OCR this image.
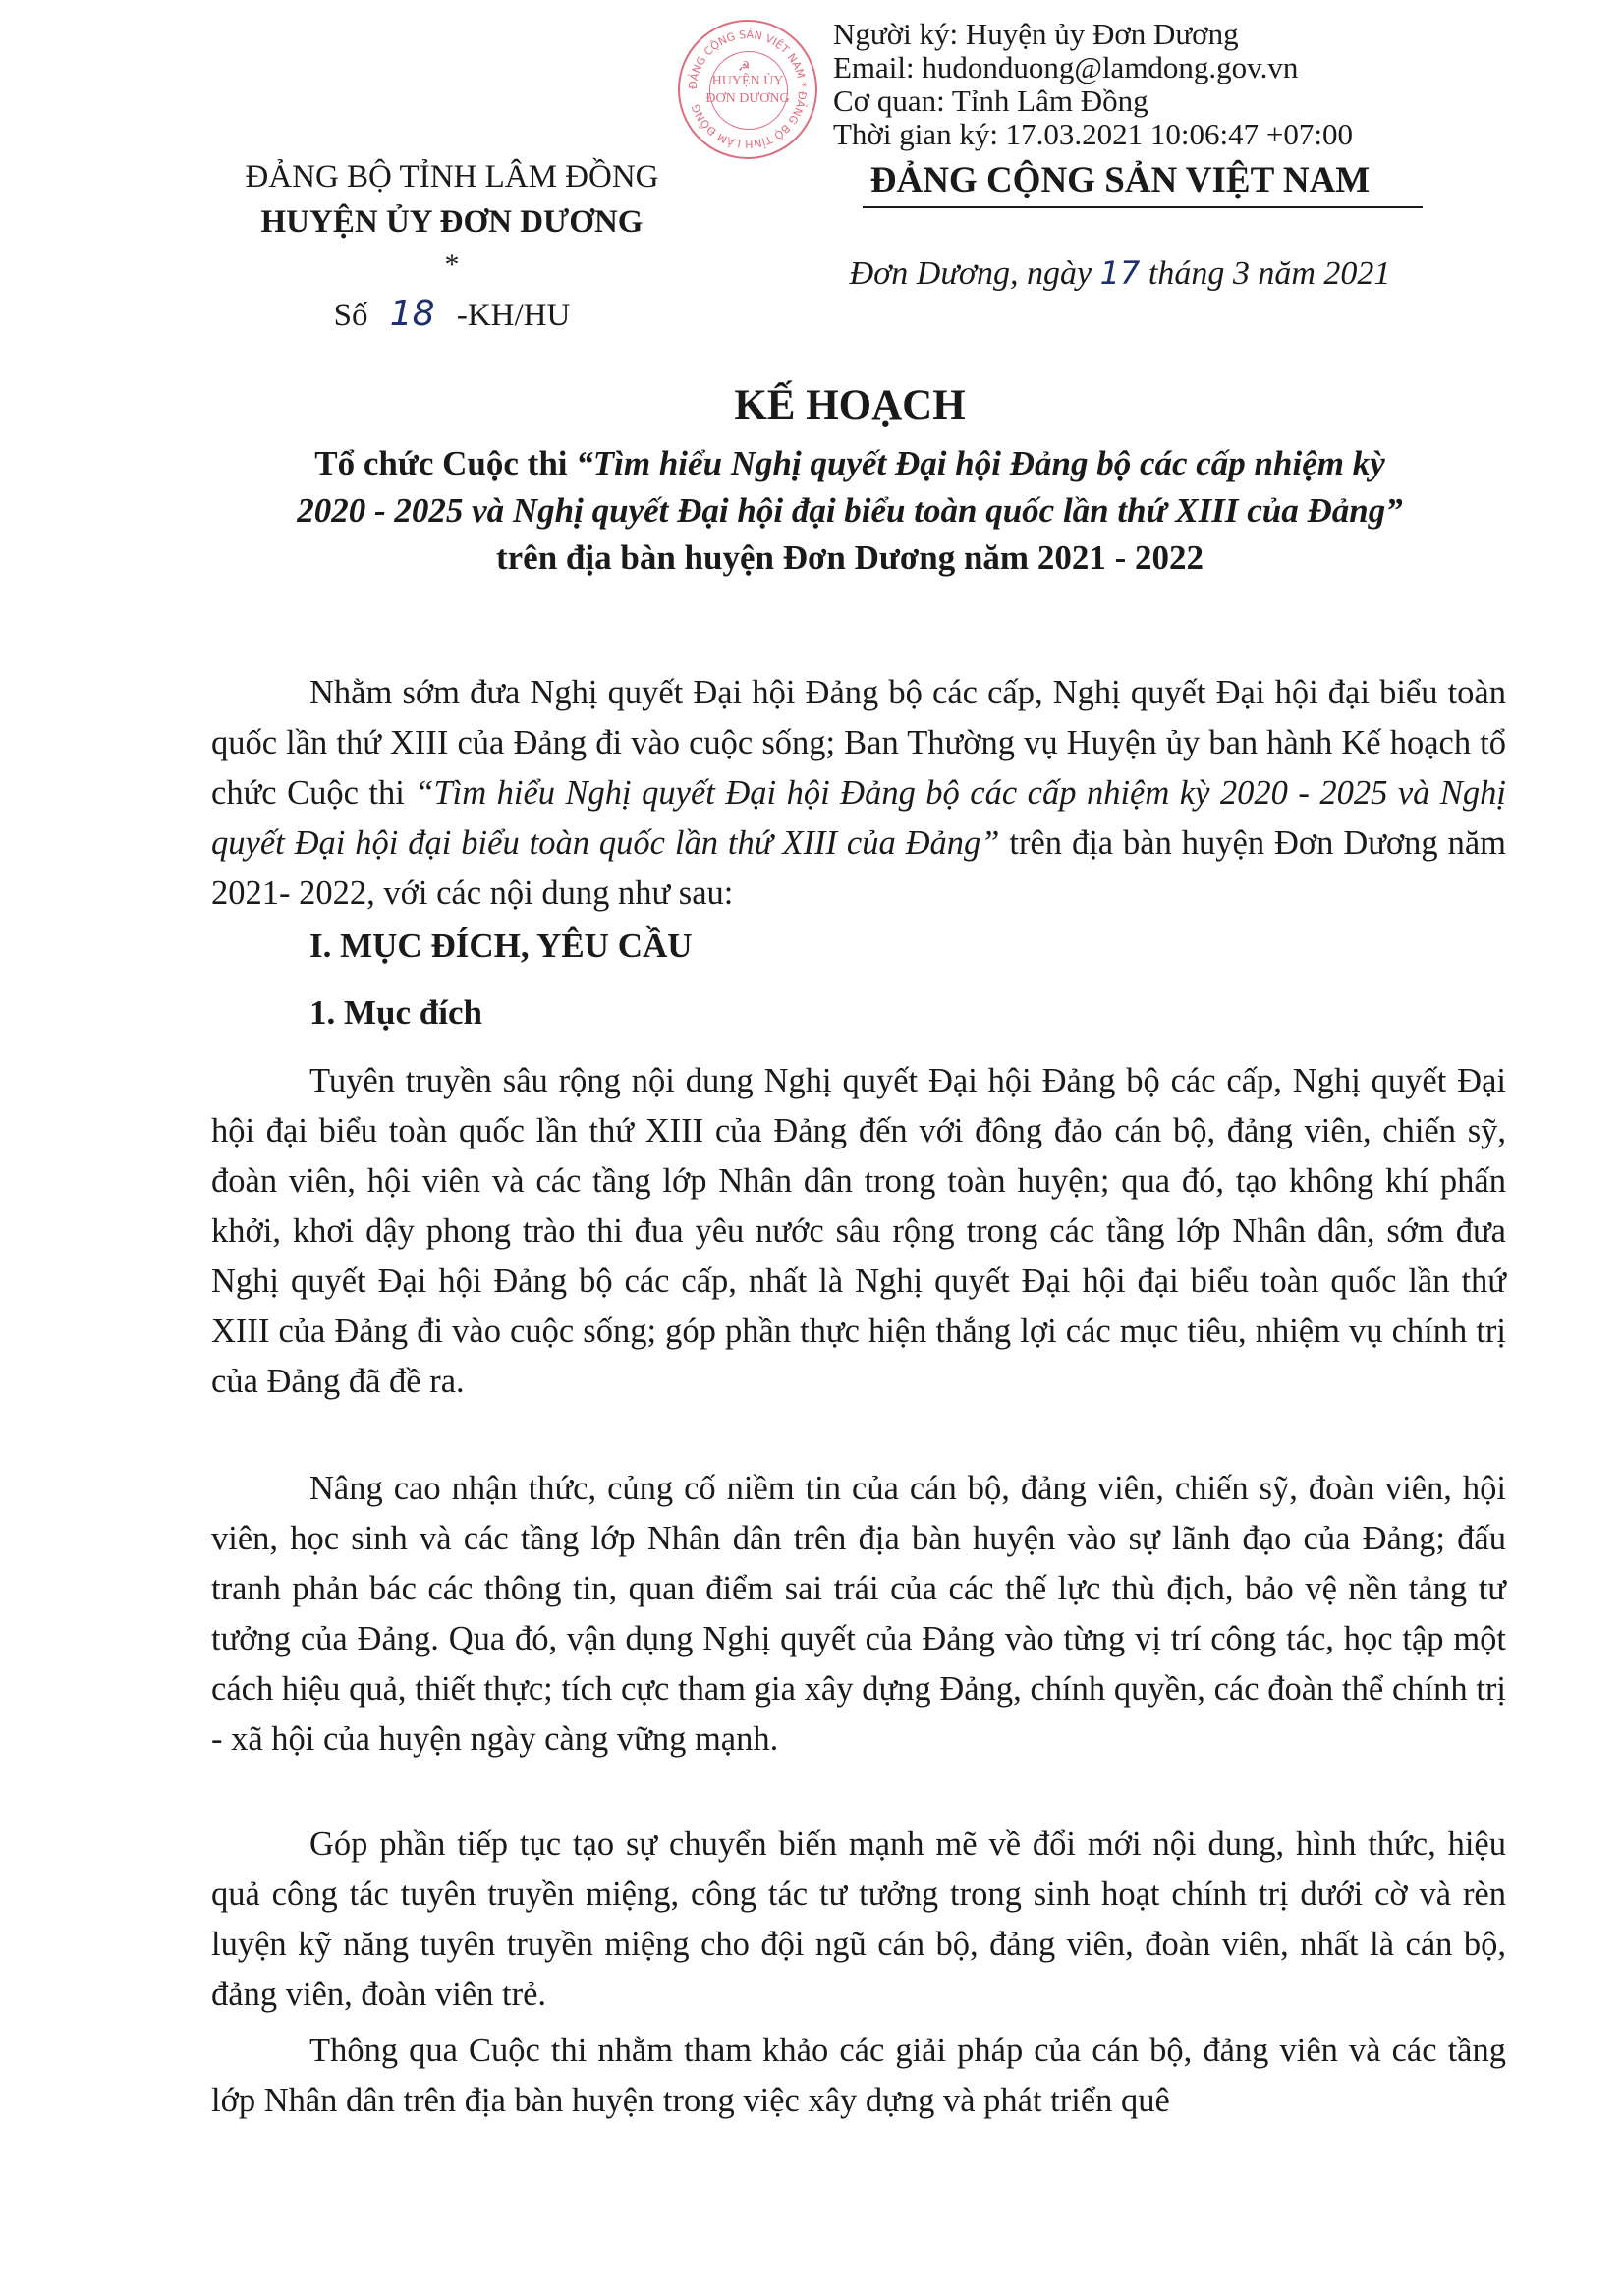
ĐẢNG CỘNG SẢN VIỆT NAM * ĐẢNG BỘ TỈNH LÂM ĐỒNG
☭
HUYỆN ỦY
ĐƠN DƯƠNG
Người ký: Huyện ủy Đơn Dương
Email: hudonduong@lamdong.gov.vn
Cơ quan: Tỉnh Lâm Đồng
Thời gian ký: 17.03.2021 10:06:47 +07:00
ĐẢNG BỘ TỈNH LÂM ĐỒNG
HUYỆN ỦY ĐƠN DƯƠNG
*
Số 18 -KH/HU
ĐẢNG CỘNG SẢN VIỆT NAM
Đơn Dương, ngày 17 tháng 3 năm 2021
KẾ HOẠCH
Tổ chức Cuộc thi “Tìm hiểu Nghị quyết Đại hội Đảng bộ các cấp nhiệm kỳ
2020 - 2025 và Nghị quyết Đại hội đại biểu toàn quốc lần thứ XIII của Đảng”
trên địa bàn huyện Đơn Dương năm 2021 - 2022
Nhằm sớm đưa Nghị quyết Đại hội Đảng bộ các cấp, Nghị quyết Đại hội đại biểu toàn quốc lần thứ XIII của Đảng đi vào cuộc sống; Ban Thường vụ Huyện ủy ban hành Kế hoạch tổ chức Cuộc thi “Tìm hiểu Nghị quyết Đại hội Đảng bộ các cấp nhiệm kỳ 2020 - 2025 và Nghị quyết Đại hội đại biểu toàn quốc lần thứ XIII của Đảng” trên địa bàn huyện Đơn Dương năm 2021- 2022, với các nội dung như sau:
I. MỤC ĐÍCH, YÊU CẦU
1. Mục đích
Tuyên truyền sâu rộng nội dung Nghị quyết Đại hội Đảng bộ các cấp, Nghị quyết Đại hội đại biểu toàn quốc lần thứ XIII của Đảng đến với đông đảo cán bộ, đảng viên, chiến sỹ, đoàn viên, hội viên và các tầng lớp Nhân dân trong toàn huyện; qua đó, tạo không khí phấn khởi, khơi dậy phong trào thi đua yêu nước sâu rộng trong các tầng lớp Nhân dân, sớm đưa Nghị quyết Đại hội Đảng bộ các cấp, nhất là Nghị quyết Đại hội đại biểu toàn quốc lần thứ XIII của Đảng đi vào cuộc sống; góp phần thực hiện thắng lợi các mục tiêu, nhiệm vụ chính trị của Đảng đã đề ra.
Nâng cao nhận thức, củng cố niềm tin của cán bộ, đảng viên, chiến sỹ, đoàn viên, hội viên, học sinh và các tầng lớp Nhân dân trên địa bàn huyện vào sự lãnh đạo của Đảng; đấu tranh phản bác các thông tin, quan điểm sai trái của các thế lực thù địch, bảo vệ nền tảng tư tưởng của Đảng. Qua đó, vận dụng Nghị quyết của Đảng vào từng vị trí công tác, học tập một cách hiệu quả, thiết thực; tích cực tham gia xây dựng Đảng, chính quyền, các đoàn thể chính trị - xã hội của huyện ngày càng vững mạnh.
Góp phần tiếp tục tạo sự chuyển biến mạnh mẽ về đổi mới nội dung, hình thức, hiệu quả công tác tuyên truyền miệng, công tác tư tưởng trong sinh hoạt chính trị dưới cờ và rèn luyện kỹ năng tuyên truyền miệng cho đội ngũ cán bộ, đảng viên, đoàn viên, nhất là cán bộ, đảng viên, đoàn viên trẻ.
Thông qua Cuộc thi nhằm tham khảo các giải pháp của cán bộ, đảng viên và các tầng lớp Nhân dân trên địa bàn huyện trong việc xây dựng và phát triển quê
